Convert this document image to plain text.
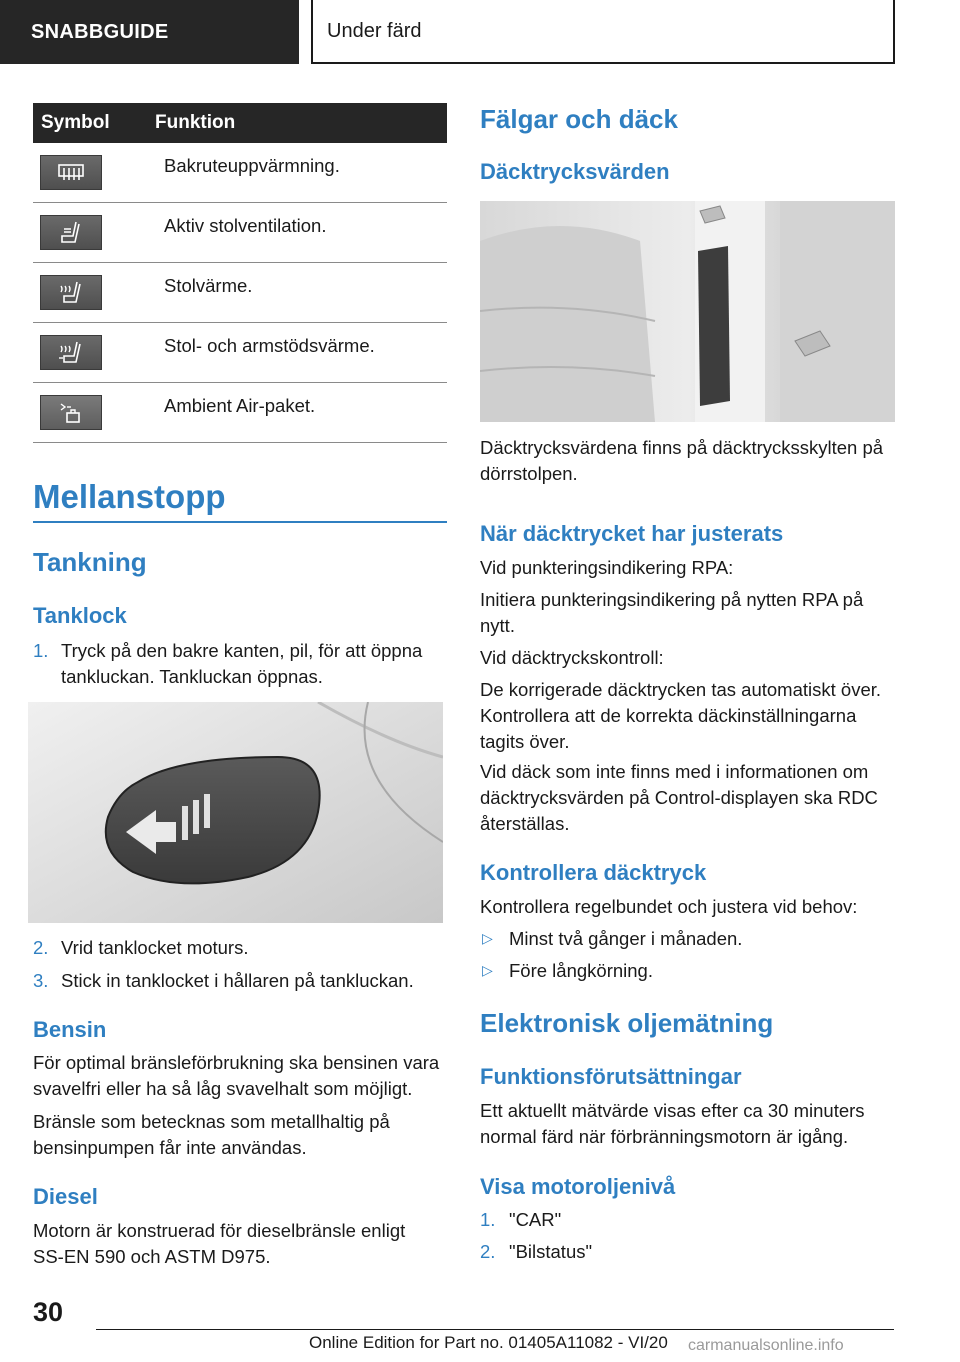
SNABBGUIDE	Under färd
Symbol	Funktion
Bakruteuppvärmning.
Aktiv stolventilation.
Stolvärme.
Stol- och armstödsvärme.
Ambient Air-paket.
Mellanstopp
Tankning
Tanklock
1. Tryck på den bakre kanten, pil, för att öppna tankluckan. Tankluckan öppnas.

2. Vrid tanklocket moturs.

3. Stick in tanklocket i hållaren på tankluckan.

Bensin

För optimal bränsleförbrukning ska bensinen vara svavelfri eller ha så låg svavelhalt som möjligt.

Bränsle som betecknas som metallhaltig på bensinpumpen får inte användas.

Diesel

Motorn är konstruerad för dieselbränsle enligt SS-EN 590 och ASTM D975.

Fälgar och däck
Däcktrycksvärden

Däcktrycksvärdena finns på däcktrycksskylten på dörrstolpen.

När däcktrycket har justerats

Vid punkteringsindikering RPA:

Initiera punkteringsindikering på nytten RPA på nytt.

Vid däcktryckskontroll:

De korrigerade däcktrycken tas automatiskt över. Kontrollera att de korrekta däckinställningarna tagits över.

Vid däck som inte finns med i informationen om däcktrycksvärden på Control-displayen ska RDC återställas.

Kontrollera däcktryck

Kontrollera regelbundet och justera vid behov:

▷ Minst två gånger i månaden.

▷ Före långkörning.

Elektronisk oljemätning
Funktionsförutsättningar

Ett aktuellt mätvärde visas efter ca 30 minuters normal färd när förbränningsmotorn är igång.

Visa motoroljenivå
1. "CAR"

2. "Bilstatus"

30
Online Edition for Part no. 01405A11082 - VI/20 carmanualsonline.info
